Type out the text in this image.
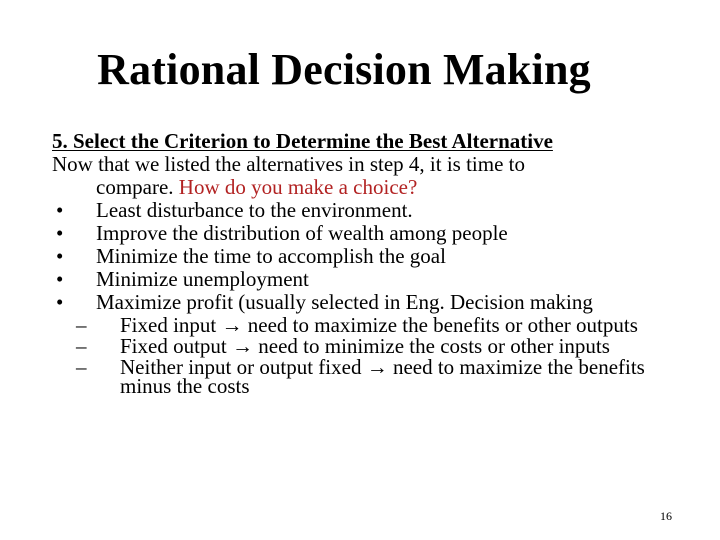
Rational Decision Making
5. Select the Criterion to Determine the Best Alternative
Now that we listed the alternatives in step 4, it is time to
compare. How do you make a choice?
• Least disturbance to the environment.
• Improve the distribution of wealth among people
• Minimize the time to accomplish the goal
• Minimize unemployment
• Maximize profit (usually selected in Eng. Decision making
– Fixed input → need to maximize the benefits or other outputs
– Fixed output → need to minimize the costs or other inputs
– Neither input or output fixed → need to maximize the benefits minus the costs
16
